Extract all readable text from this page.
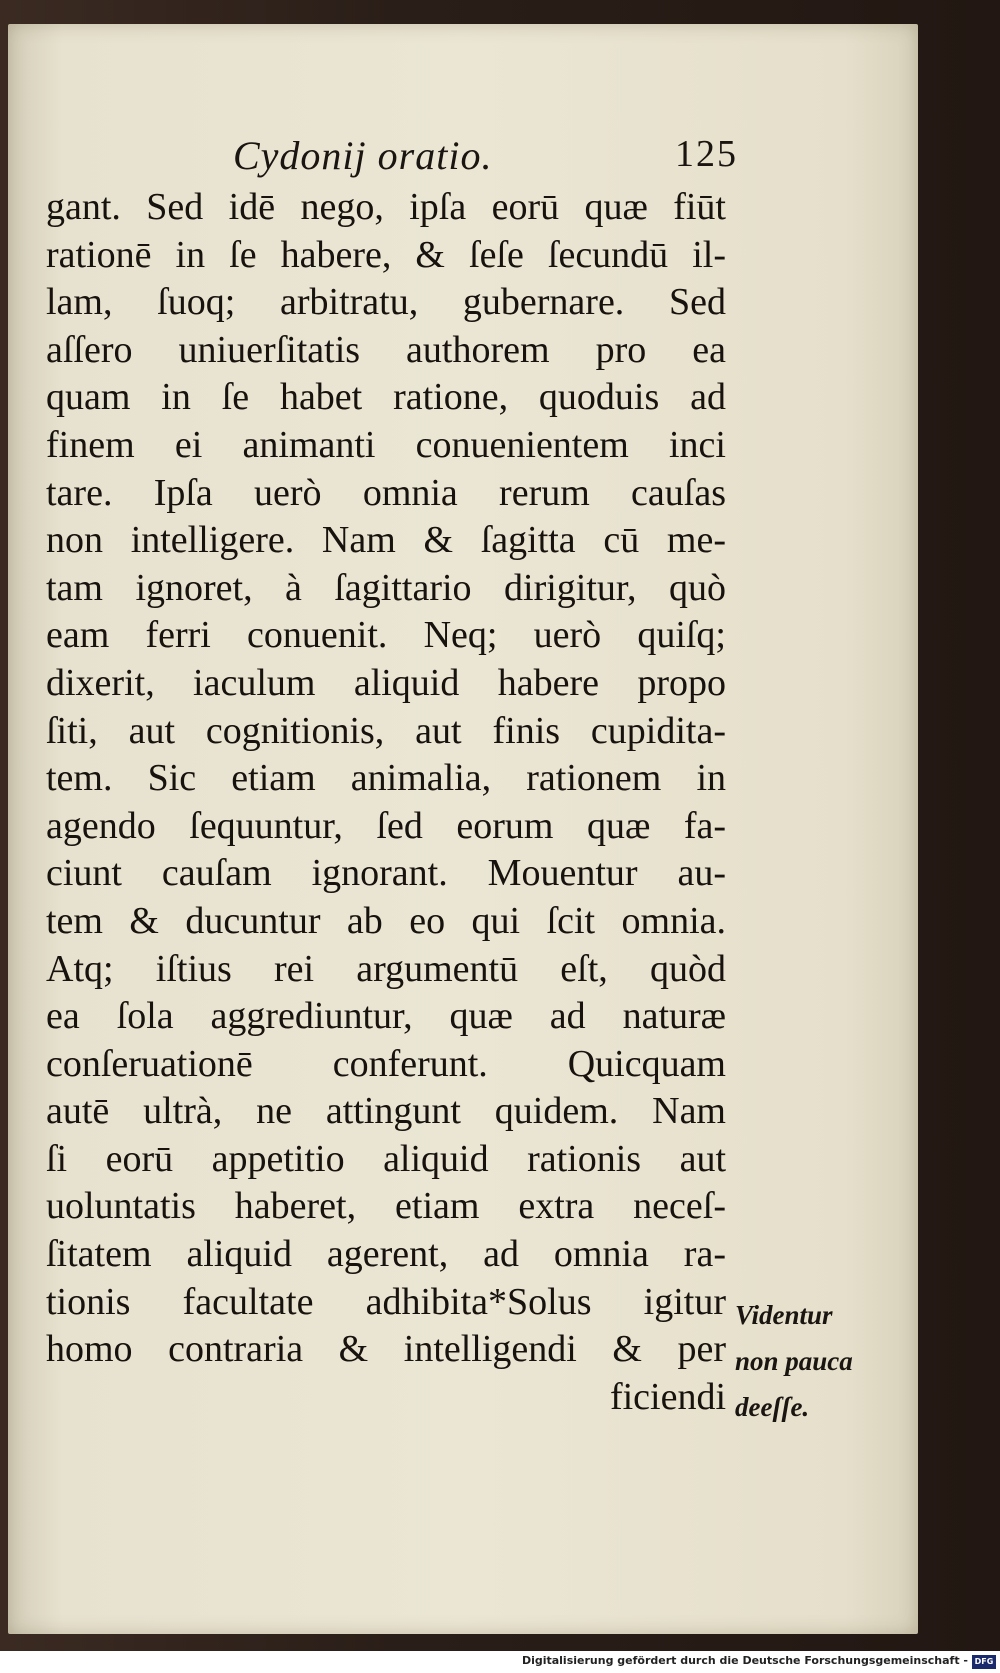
Cydonij oratio.	125
gant. Sed idē nego, ipſa eorū quæ fiūt
rationē in ſe habere, & ſeſe ſecundū il-
lam, ſuoq; arbitratu, gubernare. Sed
aſſero uniuerſitatis authorem pro ea
quam in ſe habet ratione, quoduis ad
finem ei animanti conuenientem inci
tare. Ipſa uerò omnia rerum cauſas
non intelligere. Nam & ſagitta cū me-
tam ignoret, à ſagittario dirigitur, quò
eam ferri conuenit. Neq; uerò quiſq;
dixerit, iaculum aliquid habere propo
ſiti, aut cognitionis, aut finis cupidita-
tem. Sic etiam animalia, rationem in
agendo ſequuntur, ſed eorum quæ fa-
ciunt cauſam ignorant. Mouentur au-
tem & ducuntur ab eo qui ſcit omnia.
Atq; iſtius rei argumentū eſt, quòd
ea ſola aggrediuntur, quæ ad naturæ
conſeruationē conferunt. Quicquam
autē ultrà, ne attingunt quidem. Nam
ſi eorū appetitio aliquid rationis aut
uoluntatis haberet, etiam extra neceſ-
ſitatem aliquid agerent, ad omnia ra-
tionis facultate adhibita*Solus igitur
homo contraria & intelligendi & per
ficiendi
Videntur
non pauca
deeſſe.
Digitalisierung gefördert durch die Deutsche Forschungsgemeinschaft - DFG
